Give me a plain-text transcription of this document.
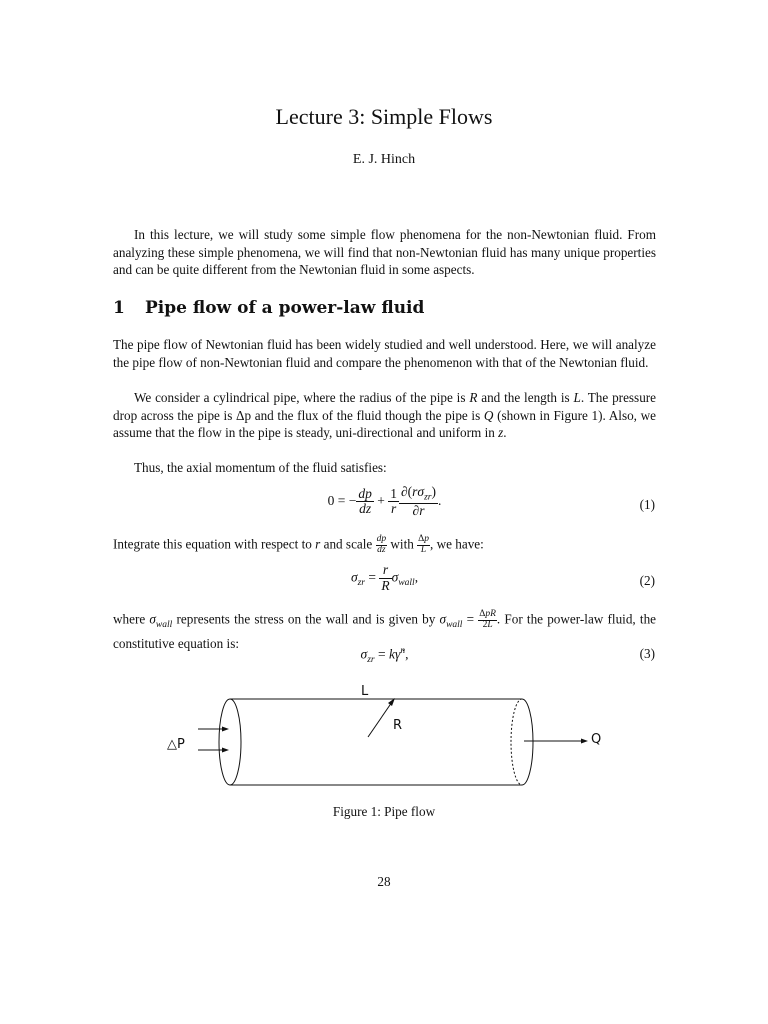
Lecture 3: Simple Flows
E. J. Hinch
In this lecture, we will study some simple flow phenomena for the non-Newtonian fluid. From analyzing these simple phenomena, we will find that non-Newtonian fluid has many unique properties and can be quite different from the Newtonian fluid in some aspects.
1 Pipe flow of a power-law fluid
The pipe flow of Newtonian fluid has been widely studied and well understood. Here, we will analyze the pipe flow of non-Newtonian fluid and compare the phenomenon with that of the Newtonian fluid.
We consider a cylindrical pipe, where the radius of the pipe is R and the length is L. The pressure drop across the pipe is Δp and the flux of the fluid though the pipe is Q (shown in Figure 1). Also, we assume that the flow in the pipe is steady, uni-directional and uniform in z.
Thus, the axial momentum of the fluid satisfies:
0 = − $\frac{dp}{dz} + \frac{1}{r} \frac{\partial(r\sigma_{zr})}{\partial r}$ .	(1)
Integrate this equation with respect to r and scale $\frac{dp}{dz}$ with $\frac{\Delta p}{L}$ , we have:
$\sigma_{zr} = \frac{r}{R} \sigma_{wall}$,	(2)
where $\sigma_{wall}$ represents the stress on the wall and is given by $\sigma_{wall} = \Delta pR$
2L . For the power-law fluid, the constitutive equation is:
$\sigma_{zr}$ = kγ̇$^n$,	(3)
L
R
△P	Q
Figure 1: Pipe flow
28
